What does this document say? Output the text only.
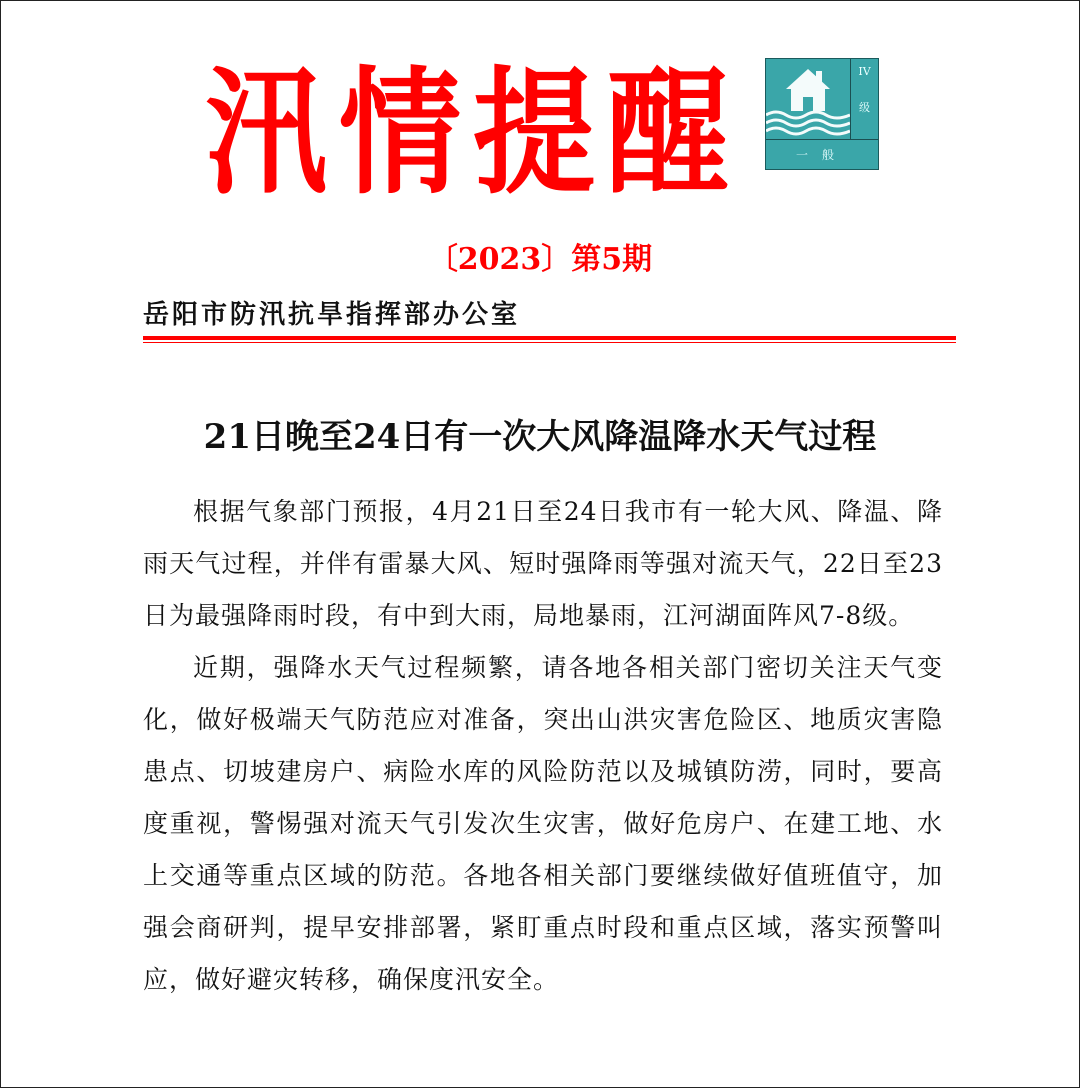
汛情提醒	IV
级
一般
〔2023〕第5期
岳阳市防汛抗旱指挥部办公室
21日晚至24日有一次大风降温降水天气过程

根据气象部门预报，4月21日至24日我市有一轮大风、降温、降雨天气过程，并伴有雷暴大风、短时强降雨等强对流天气，22日至23日为最强降雨时段，有中到大雨，局地暴雨，江河湖面阵风7-8级。

近期，强降水天气过程频繁，请各地各相关部门密切关注天气变化，做好极端天气防范应对准备，突出山洪灾害危险区、地质灾害隐患点、切坡建房户、病险水库的风险防范以及城镇防涝，同时，要高度重视，警惕强对流天气引发次生灾害，做好危房户、在建工地、水上交通等重点区域的防范。各地各相关部门要继续做好值班值守，加强会商研判，提早安排部署，紧盯重点时段和重点区域，落实预警叫应，做好避灾转移，确保度汛安全。
